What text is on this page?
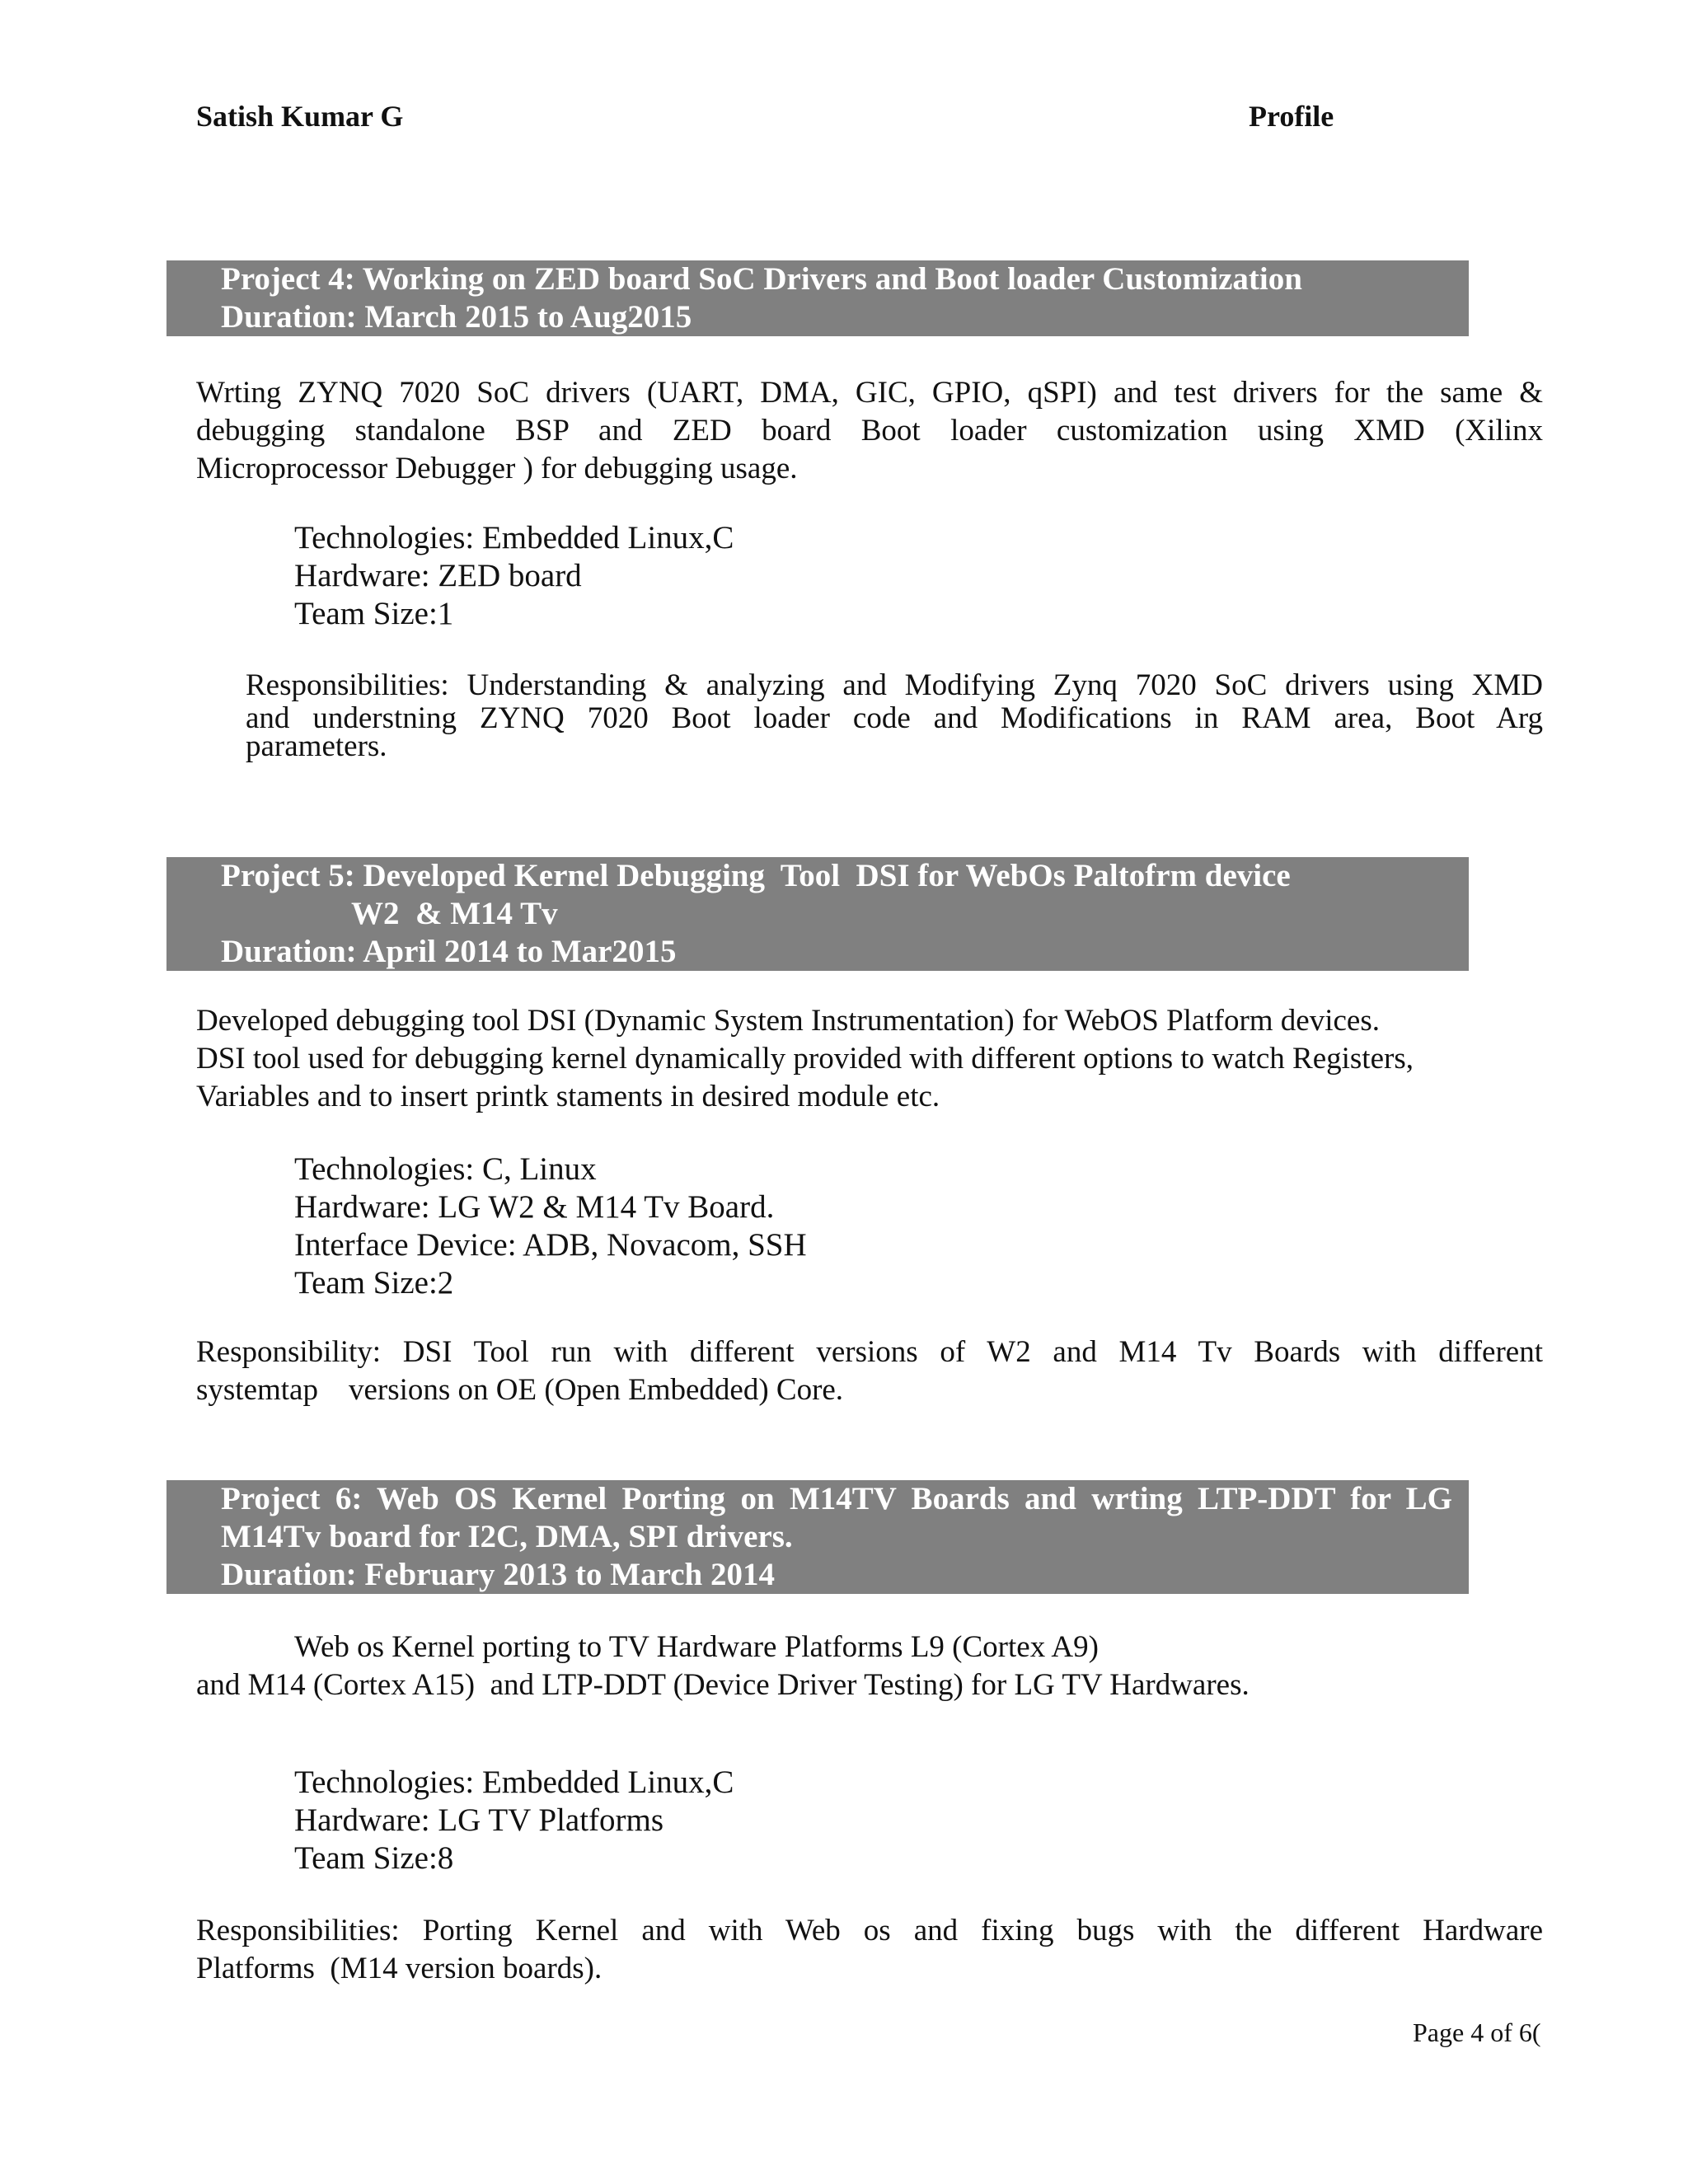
Satish Kumar G	Profile
Project 4: Working on ZED board SoC Drivers and Boot loader Customization
Duration: March 2015 to Aug2015
Wrting ZYNQ 7020 SoC drivers (UART, DMA, GIC, GPIO, qSPI) and test drivers for the same &
debugging standalone BSP and ZED board Boot loader customization using XMD (Xilinx
Microprocessor Debugger ) for debugging usage.
Technologies: Embedded Linux,C
Hardware: ZED board
Team Size:1
Responsibilities: Understanding & analyzing and Modifying Zynq 7020 SoC drivers using XMD
and understning ZYNQ 7020 Boot loader code and Modifications in RAM area, Boot Arg
parameters.
Project 5: Developed Kernel Debugging  Tool  DSI for WebOs Paltofrm device
W2  & M14 Tv
Duration: April 2014 to Mar2015
Developed debugging tool DSI (Dynamic System Instrumentation) for WebOS Platform devices.
DSI tool used for debugging kernel dynamically provided with different options to watch Registers,
Variables and to insert printk staments in desired module etc.
Technologies: C, Linux
Hardware: LG W2 & M14 Tv Board.
Interface Device: ADB, Novacom, SSH
Team Size:2
Responsibility: DSI Tool run with different versions of W2 and M14 Tv Boards with different
systemtap    versions on OE (Open Embedded) Core.
Project 6: Web OS Kernel Porting on M14TV Boards and wrting LTP-DDT for LG
M14Tv board for I2C, DMA, SPI drivers.
Duration: February 2013 to March 2014
Web os Kernel porting to TV Hardware Platforms L9 (Cortex A9)
and M14 (Cortex A15)  and LTP-DDT (Device Driver Testing) for LG TV Hardwares.
Technologies: Embedded Linux,C
Hardware: LG TV Platforms
Team Size:8
Responsibilities: Porting Kernel and with Web os and fixing bugs with the different Hardware
Platforms  (M14 version boards).
Page 4 of 6(
